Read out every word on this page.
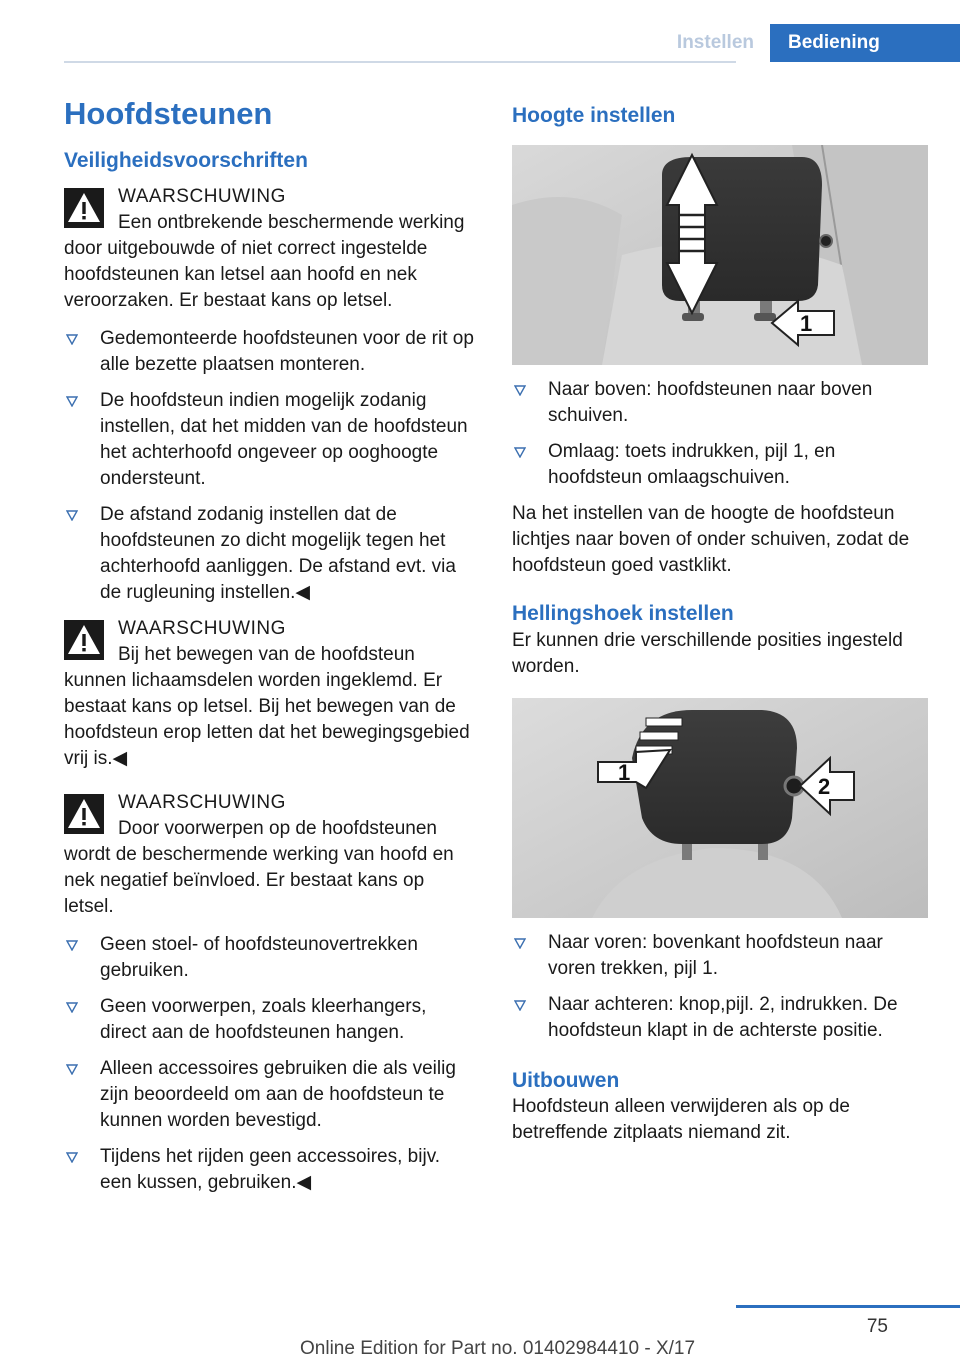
Instellen	Bediening
Hoofdsteunen
Veiligheidsvoorschriften
WAARSCHUWING
Een ontbrekende beschermende werking door uitgebouwde of niet correct ingestelde hoofdsteunen kan letsel aan hoofd en nek veroorzaken. Er bestaat kans op letsel.
Gedemonteerde hoofdsteunen voor de rit op alle bezette plaatsen monteren.
De hoofdsteun indien mogelijk zodanig instellen, dat het midden van de hoofdsteun het achterhoofd ongeveer op ooghoogte ondersteunt.
De afstand zodanig instellen dat de hoofdsteunen zo dicht mogelijk tegen het achterhoofd aanliggen. De afstand evt. via de rugleuning instellen.◀
WAARSCHUWING
Bij het bewegen van de hoofdsteun kunnen lichaamsdelen worden ingeklemd. Er bestaat kans op letsel. Bij het bewegen van de hoofdsteun erop letten dat het bewegingsgebied vrij is.◀
WAARSCHUWING
Door voorwerpen op de hoofdsteunen wordt de beschermende werking van hoofd en nek negatief beïnvloed. Er bestaat kans op letsel.
Geen stoel- of hoofdsteunovertrekken gebruiken.
Geen voorwerpen, zoals kleerhangers, direct aan de hoofdsteunen hangen.
Alleen accessoires gebruiken die als veilig zijn beoordeeld om aan de hoofdsteun te kunnen worden bevestigd.
Tijdens het rijden geen accessoires, bijv. een kussen, gebruiken.◀
Hoogte instellen
1
Naar boven: hoofdsteunen naar boven schuiven.
Omlaag: toets indrukken, pijl 1, en hoofdsteun omlaagschuiven.

Na het instellen van de hoogte de hoofdsteun lichtjes naar boven of onder schuiven, zodat de hoofdsteun goed vastklikt.

Hellingshoek instellen

Er kunnen drie verschillende posities ingesteld worden.

1
2
Naar voren: bovenkant hoofdsteun naar voren trekken, pijl 1.
Naar achteren: knop,pijl. 2, indrukken. De hoofdsteun klapt in de achterste positie.
Uitbouwen

Hoofdsteun alleen verwijderen als op de betreffende zitplaats niemand zit.

75
Online Edition for Part no. 01402984410 - X/17
